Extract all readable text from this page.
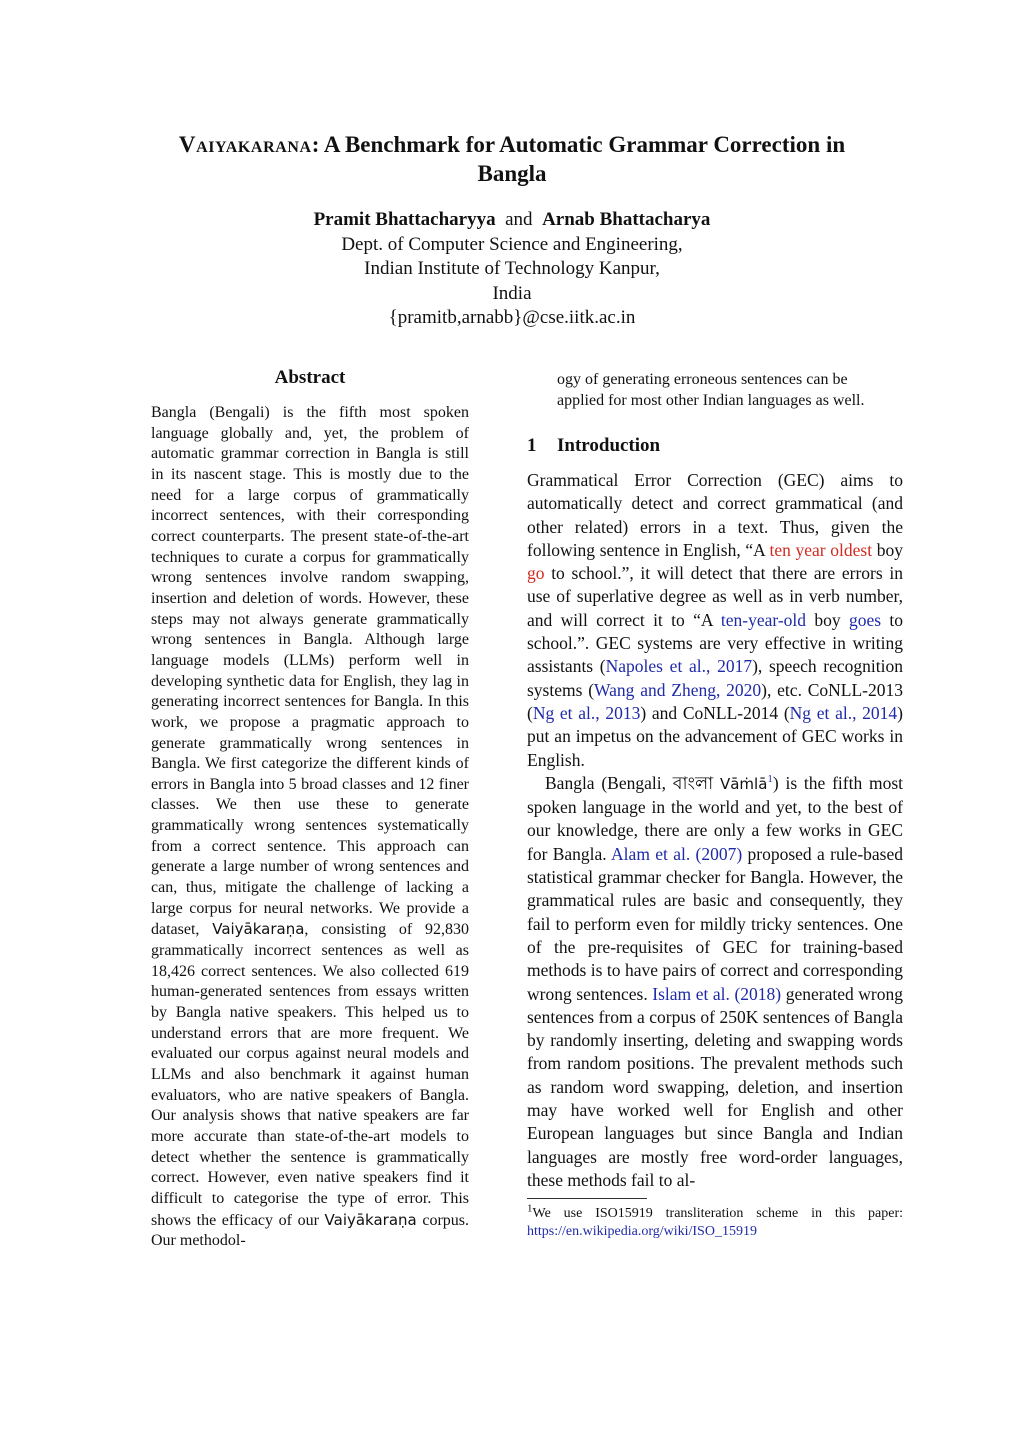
Vaiyakarana: A Benchmark for Automatic Grammar Correction in
Bangla
Pramit Bhattacharyya and Arnab Bhattacharya
Dept. of Computer Science and Engineering,
Indian Institute of Technology Kanpur,
India
{pramitb,arnabb}@cse.iitk.ac.in
Abstract
Bangla (Bengali) is the fifth most spoken language globally and, yet, the problem of automatic grammar correction in Bangla is still in its nascent stage. This is mostly due to the need for a large corpus of grammatically incorrect sentences, with their corresponding correct counterparts. The present state-of-the-art techniques to curate a corpus for grammatically wrong sentences involve random swapping, insertion and deletion of words. However, these steps may not always generate grammatically wrong sentences in Bangla. Although large language models (LLMs) perform well in developing synthetic data for English, they lag in generating incorrect sentences for Bangla. In this work, we propose a pragmatic approach to generate grammatically wrong sentences in Bangla. We first categorize the different kinds of errors in Bangla into 5 broad classes and 12 finer classes. We then use these to generate grammatically wrong sentences systematically from a correct sentence. This approach can generate a large number of wrong sentences and can, thus, mitigate the challenge of lacking a large corpus for neural networks. We provide a dataset, Vaiyākaraṇa, consisting of 92,830 grammatically incorrect sentences as well as 18,426 correct sentences. We also collected 619 human-generated sentences from essays written by Bangla native speakers. This helped us to understand errors that are more frequent. We evaluated our corpus against neural models and LLMs and also benchmark it against human evaluators, who are native speakers of Bangla. Our analysis shows that native speakers are far more accurate than state-of-the-art models to detect whether the sentence is grammatically correct. However, even native speakers find it difficult to categorise the type of error. This shows the efficacy of our Vaiyākaraṇa corpus. Our methodol-
ogy of generating erroneous sentences can be applied for most other Indian languages as well.
1 Introduction

Grammatical Error Correction (GEC) aims to automatically detect and correct grammatical (and other related) errors in a text. Thus, given the following sentence in English, “A ten year oldest boy go to school.”, it will detect that there are errors in use of superlative degree as well as in verb number, and will correct it to “A ten-year-old boy goes to school.”. GEC systems are very effective in writing assistants (Napoles et al., 2017), speech recognition systems (Wang and Zheng, 2020), etc. CoNLL-2013 (Ng et al., 2013) and CoNLL-2014 (Ng et al., 2014) put an impetus on the advancement of GEC works in English.

Bangla (Bengali, বাংলা Vāṁlā$^1$) is the fifth most spoken language in the world and yet, to the best of our knowledge, there are only a few works in GEC for Bangla. Alam et al. (2007) proposed a rule-based statistical grammar checker for Bangla. However, the grammatical rules are basic and consequently, they fail to perform even for mildly tricky sentences. One of the pre-requisites of GEC for training-based methods is to have pairs of correct and corresponding wrong sentences. Islam et al. (2018) generated wrong sentences from a corpus of 250K sentences of Bangla by randomly inserting, deleting and swapping words from random positions. The prevalent methods such as random word swapping, deletion, and insertion may have worked well for English and other European languages but since Bangla and Indian languages are mostly free word-order languages, these methods fail to al-

$^1$We use ISO15919 transliteration scheme in this paper: https://en.wikipedia.org/wiki/ISO_15919
